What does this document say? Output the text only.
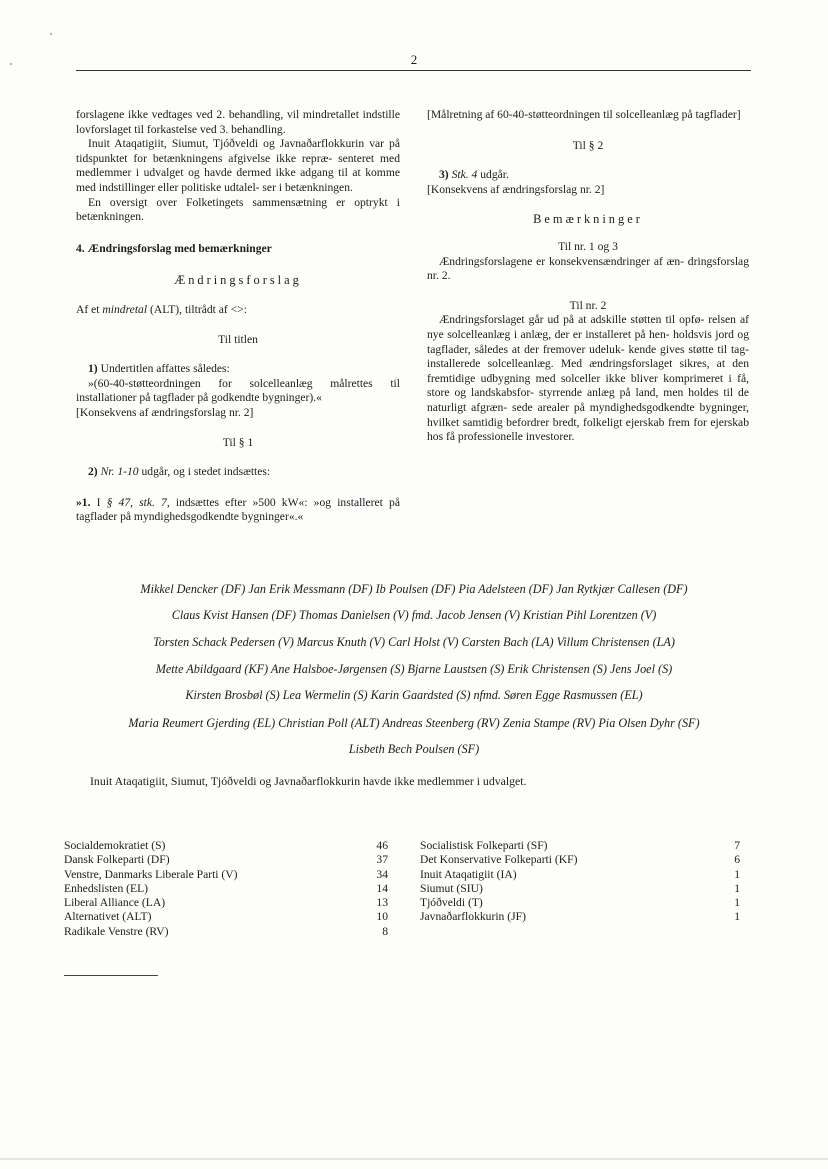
2

forslagene ikke vedtages ved 2. behandling, vil mindretallet indstille lovforslaget til forkastelse ved 3. behandling.

Inuit Ataqatigiit, Siumut, Tjóðveldi og Javnaðarflokkurin var på tidspunktet for betænkningens afgivelse ikke repræ- senteret med medlemmer i udvalget og havde dermed ikke adgang til at komme med indstillinger eller politiske udtalel- ser i betænkningen.

En oversigt over Folketingets sammensætning er optrykt i betænkningen.

4. Ændringsforslag med bemærkninger

Ændringsforslag

Af et mindretal (ALT), tiltrådt af <>:

Til titlen

1) Undertitlen affattes således:

»(60-40-støtteordningen for solcelleanlæg målrettes til installationer på tagflader på godkendte bygninger).«

[Konsekvens af ændringsforslag nr. 2]

Til § 1

2) Nr. 1-10 udgår, og i stedet indsættes:

»1. I § 47, stk. 7, indsættes efter »500 kW«: »og installeret på tagflader på myndighedsgodkendte bygninger«.«

[Målretning af 60-40-støtteordningen til solcelleanlæg på tagflader]

Til § 2

3) Stk. 4 udgår.

[Konsekvens af ændringsforslag nr. 2]

Bemærkninger

Til nr. 1 og 3

Ændringsforslagene er konsekvensændringer af æn- dringsforslag nr. 2.

Til nr. 2

Ændringsforslaget går ud på at adskille støtten til opfø- relsen af nye solcelleanlæg i anlæg, der er installeret på hen- holdsvis jord og tagflader, således at der fremover udeluk- kende gives støtte til tag-installerede solcelleanlæg. Med ændringsforslaget sikres, at den fremtidige udbygning med solceller ikke bliver komprimeret i få, store og landskabsfor- styrrende anlæg på land, men holdes til de naturligt afgræn- sede arealer på myndighedsgodkendte bygninger, hvilket samtidig befordrer bredt, folkeligt ejerskab frem for ejerskab hos få professionelle investorer.

Mikkel Dencker (DF) Jan Erik Messmann (DF) Ib Poulsen (DF) Pia Adelsteen (DF) Jan Rytkjær Callesen (DF)
Claus Kvist Hansen (DF) Thomas Danielsen (V) fmd. Jacob Jensen (V) Kristian Pihl Lorentzen (V)
Torsten Schack Pedersen (V) Marcus Knuth (V) Carl Holst (V) Carsten Bach (LA) Villum Christensen (LA)
Mette Abildgaard (KF) Ane Halsboe-Jørgensen (S) Bjarne Laustsen (S) Erik Christensen (S) Jens Joel (S)
Kirsten Brosbøl (S) Lea Wermelin (S) Karin Gaardsted (S) nfmd. Søren Egge Rasmussen (EL)
Maria Reumert Gjerding (EL) Christian Poll (ALT) Andreas Steenberg (RV) Zenia Stampe (RV) Pia Olsen Dyhr (SF)
Lisbeth Bech Poulsen (SF)
Inuit Ataqatigiit, Siumut, Tjóðveldi og Javnaðarflokkurin havde ikke medlemmer i udvalget.
Socialdemokratiet (S)
Dansk Folkeparti (DF)
Venstre, Danmarks Liberale Parti (V)
Enhedslisten (EL)
Liberal Alliance (LA)
Alternativet (ALT)
Radikale Venstre (RV)
46
37
34
14
13
10
8
Socialistisk Folkeparti (SF)
Det Konservative Folkeparti (KF)
Inuit Ataqatigiit (IA)
Siumut (SIU)
Tjóðveldi (T)
Javnaðarflokkurin (JF)
7
6
1
1
1
1
